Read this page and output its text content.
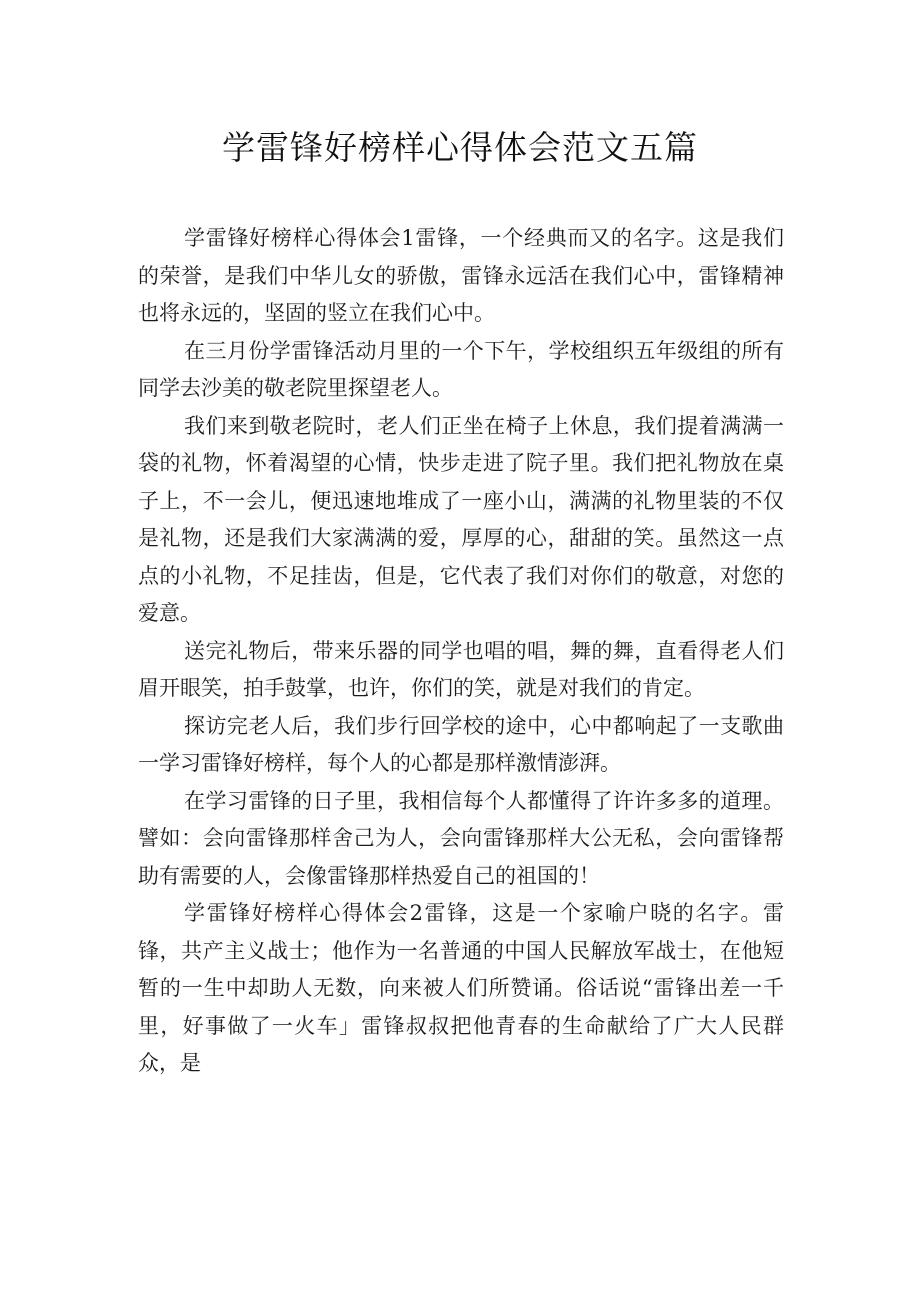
学雷锋好榜样心得体会范文五篇

学雷锋好榜样心得体会1雷锋，一个经典而又的名字。这是我们的荣誉，是我们中华儿女的骄傲，雷锋永远活在我们心中，雷锋精神也将永远的，坚固的竖立在我们心中。

在三月份学雷锋活动月里的一个下午，学校组织五年级组的所有同学去沙美的敬老院里探望老人。

我们来到敬老院时，老人们正坐在椅子上休息，我们提着满满一袋的礼物，怀着渴望的心情，快步走进了院子里。我们把礼物放在桌子上，不一会儿，便迅速地堆成了一座小山，满满的礼物里装的不仅是礼物，还是我们大家满满的爱，厚厚的心，甜甜的笑。虽然这一点点的小礼物，不足挂齿，但是，它代表了我们对你们的敬意，对您的爱意。

送完礼物后，带来乐器的同学也唱的唱，舞的舞，直看得老人们眉开眼笑，拍手鼓掌，也许，你们的笑，就是对我们的肯定。

探访完老人后，我们步行回学校的途中，心中都响起了一支歌曲一学习雷锋好榜样，每个人的心都是那样激情澎湃。

在学习雷锋的日子里，我相信每个人都懂得了许许多多的道理。譬如：会向雷锋那样舍己为人，会向雷锋那样大公无私，会向雷锋帮助有需要的人，会像雷锋那样热爱自己的祖国的！

学雷锋好榜样心得体会2雷锋，这是一个家喻户晓的名字。雷锋，共产主义战士；他作为一名普通的中国人民解放军战士，在他短暂的一生中却助人无数，向来被人们所赞诵。俗话说“雷锋出差一千里，好事做了一火车」雷锋叔叔把他青春的生命献给了广大人民群众，是
